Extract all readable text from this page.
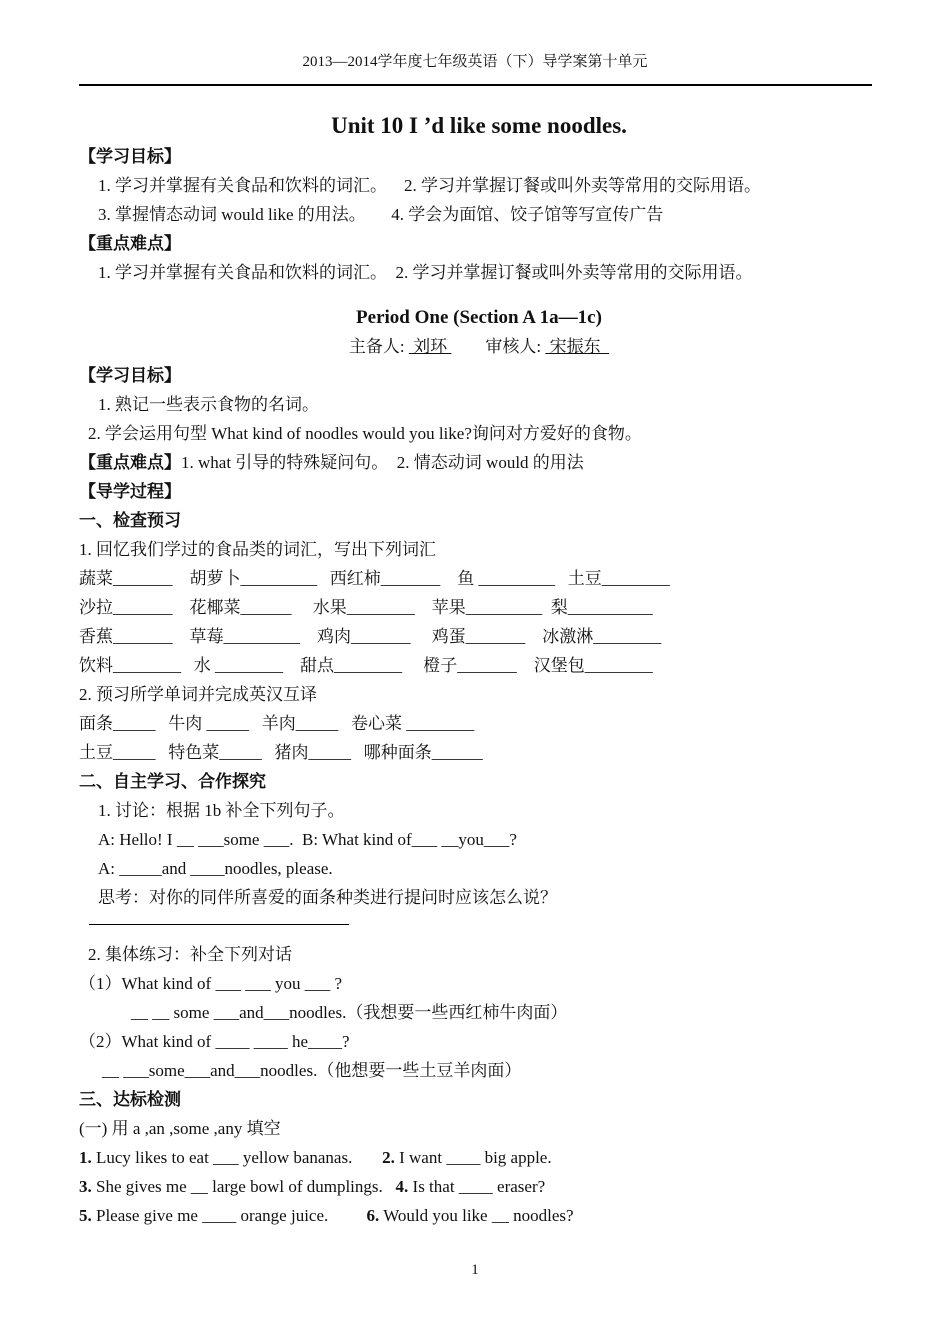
2013—2014学年度七年级英语（下）导学案第十单元
Unit 10 I ’d like some noodles.
【学习目标】
1. 学习并掌握有关食品和饮料的词汇。    2. 学习并掌握订餐或叫外卖等常用的交际用语。
3. 掌握情态动词 would like 的用法。      4. 学会为面馆、饺子馆等写宣传广告
【重点难点】
1. 学习并掌握有关食品和饮料的词汇。  2. 学习并掌握订餐或叫外卖等常用的交际用语。
Period One (Section A 1a—1c)
主备人:  刘环         审核人:  宋振东
【学习目标】
1. 熟记一些表示食物的名词。
2. 学会运用句型 What kind of noodles would you like?询问对方爱好的食物。
【重点难点】1. what 引导的特殊疑问句。  2. 情态动词 would 的用法
【导学过程】
一、检查预习
1. 回忆我们学过的食品类的词汇，写出下列词汇
蔬菜_______    胡萝卜_________   西红柿_______    鱼 _________   土豆________
沙拉_______    花椰菜______     水果________    苹果_________  梨__________
香蕉_______    草莓_________    鸡肉_______     鸡蛋_______    冰激淋________
饮料________   水 ________    甜点________     橙子_______    汉堡包________
2. 预习所学单词并完成英汉互译
面条_____   牛肉 _____   羊肉_____   卷心菜 ________
土豆_____   特色菜_____   猪肉_____   哪种面条______
二、自主学习、合作探究
1. 讨论：根据 1b 补全下列句子。
A: Hello! I __ ___some ___.  B: What kind of___ __you___?
A: _____and ____noodles, please.
思考：对你的同伴所喜爱的面条种类进行提问时应该怎么说？
2. 集体练习：补全下列对话
（1）What kind of ___ ___ you ___ ?
__ __ some ___and___noodles.（我想要一些西红柿牛肉面）
（2）What kind of ____ ____ he____?
__ ___some___and___noodles.（他想要一些土豆羊肉面）
三、达标检测
(一) 用 a ,an ,some ,any 填空
1. Lucy likes to eat ___ yellow bananas.       2. I want ____ big apple.
3. She gives me __ large bowl of dumplings.   4. Is that ____ eraser?
5. Please give me ____ orange juice.         6. Would you like __ noodles?
1
